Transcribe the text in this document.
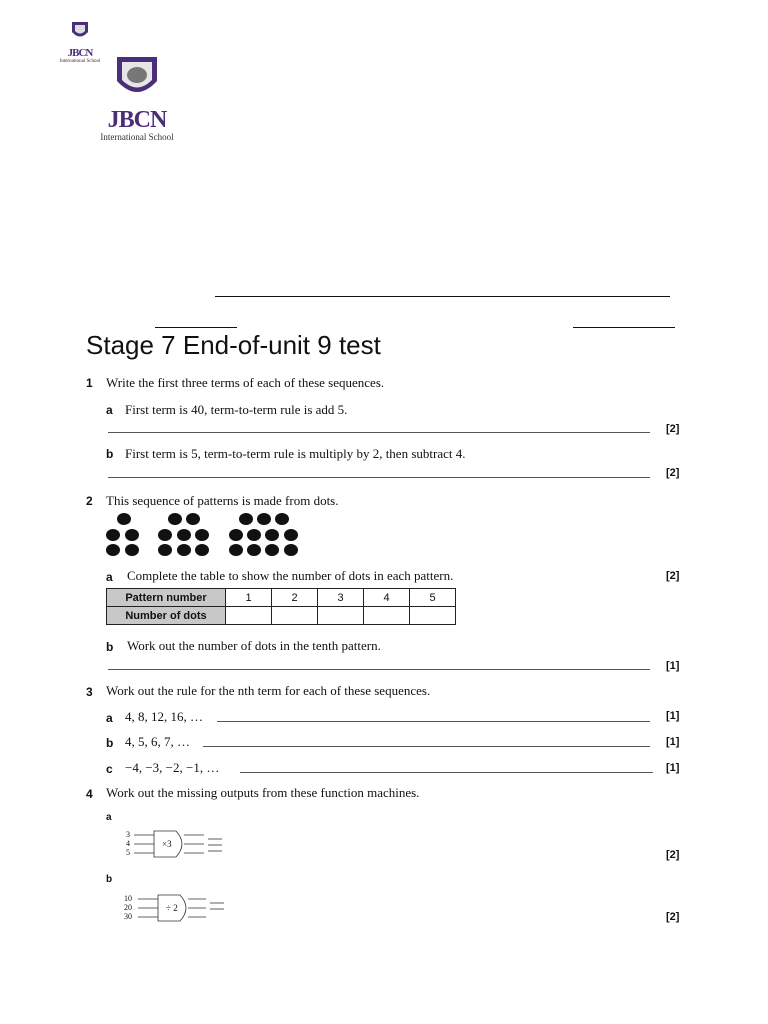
JBCN
International School
JBCN
International School
Stage 7 End-of-unit 9 test
1 Write the first three terms of each of these sequences.
a First term is 40, term-to-term rule is add 5.
[2]
b First term is 5, term-to-term rule is multiply by 2, then subtract 4.
[2]
2 This sequence of patterns is made from dots.
a Complete the table to show the number of dots in each pattern.	[2]
Pattern number	1	2	3	4	5
Number of dots					
b Work out the number of dots in the tenth pattern.
[1]
3 Work out the rule for the nth term for each of these sequences.
a 4, 8, 12, 16, …	[1]
b 4, 5, 6, 7, …	[1]
c −4, −3, −2, −1, …	[1]
4 Work out the missing outputs from these function machines.
a
3
4
5
×3
[2]
b
10
20
30
÷ 2
[2]
